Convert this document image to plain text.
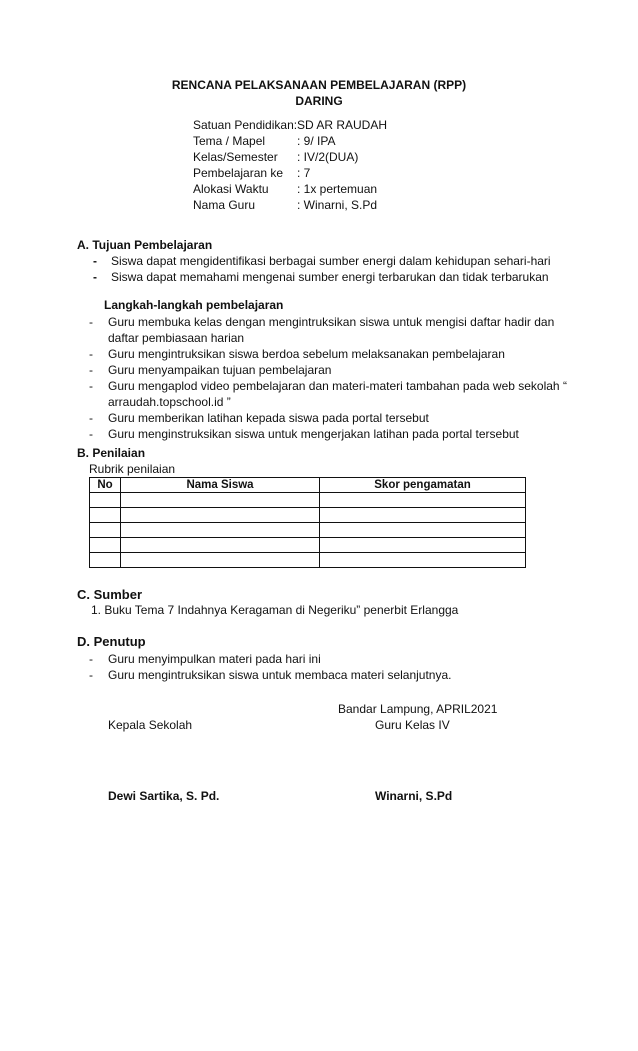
RENCANA PELAKSANAAN PEMBELAJARAN (RPP)
DARING
Satuan Pendidikan: SD AR RAUDAH
Tema / Mapel	: 9/ IPA
Kelas/Semester : IV/2(DUA)
Pembelajaran ke : 7
Alokasi Waktu : 1x pertemuan
Nama Guru	: Winarni, S.Pd
A. Tujuan Pembelajaran
- Siswa dapat mengidentifikasi berbagai sumber energi dalam kehidupan sehari-hari
- Siswa dapat memahami mengenai sumber energi terbarukan dan tidak terbarukan
Langkah-langkah pembelajaran
- Guru membuka kelas dengan mengintruksikan siswa untuk mengisi daftar hadir dan
daftar pembiasaan harian
- Guru mengintruksikan siswa berdoa sebelum melaksanakan pembelajaran
- Guru menyampaikan tujuan pembelajaran
- Guru mengaplod video pembelajaran dan materi-materi tambahan pada web sekolah “
arraudah.topschool.id ”
- Guru memberikan latihan kepada siswa pada portal tersebut
- Guru menginstruksikan siswa untuk mengerjakan latihan pada portal tersebut
B. Penilaian
Rubrik penilaian
No	Nama Siswa	Skor pengamatan

C. Sumber
1. Buku Tema 7 Indahnya Keragaman di Negeriku” penerbit Erlangga
D. Penutup
- Guru menyimpulkan materi pada hari ini
- Guru mengintruksikan siswa untuk membaca materi selanjutnya.
Bandar Lampung, APRIL2021
Kepala Sekolah	Guru Kelas IV
Dewi Sartika, S. Pd.	Winarni, S.Pd
